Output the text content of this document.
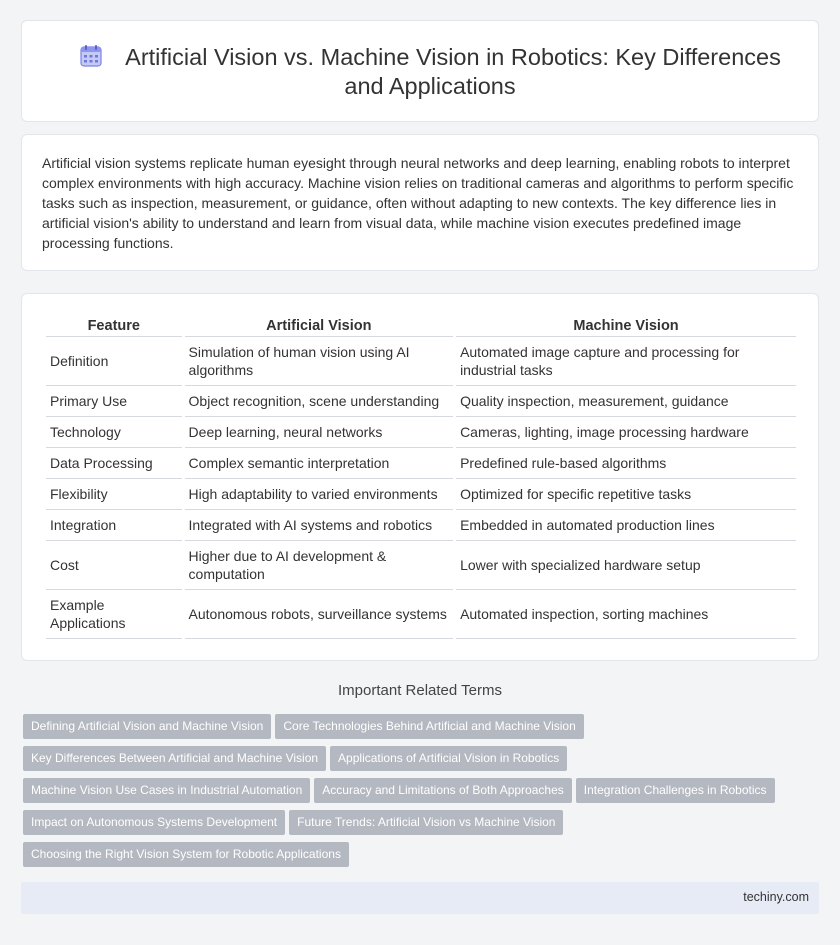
Artificial Vision vs. Machine Vision in Robotics: Key Differences and Applications

Artificial vision systems replicate human eyesight through neural networks and deep learning, enabling robots to interpret complex environments with high accuracy. Machine vision relies on traditional cameras and algorithms to perform specific tasks such as inspection, measurement, or guidance, often without adapting to new contexts. The key difference lies in artificial vision's ability to understand and learn from visual data, while machine vision executes predefined image processing functions.

Feature	Artificial Vision	Machine Vision
Definition	Simulation of human vision using AI algorithms	Automated image capture and processing for industrial tasks
Primary Use	Object recognition, scene understanding	Quality inspection, measurement, guidance
Technology	Deep learning, neural networks	Cameras, lighting, image processing hardware
Data Processing	Complex semantic interpretation	Predefined rule-based algorithms
Flexibility	High adaptability to varied environments	Optimized for specific repetitive tasks
Integration	Integrated with AI systems and robotics	Embedded in automated production lines
Cost	Higher due to AI development & computation	Lower with specialized hardware setup
Example Applications	Autonomous robots, surveillance systems	Automated inspection, sorting machines
Important Related Terms
Defining Artificial Vision and Machine Vision Core Technologies Behind Artificial and Machine Vision
Key Differences Between Artificial and Machine Vision Applications of Artificial Vision in Robotics
Machine Vision Use Cases in Industrial Automation Accuracy and Limitations of Both Approaches Integration Challenges in Robotics
Impact on Autonomous Systems Development Future Trends: Artificial Vision vs Machine Vision
Choosing the Right Vision System for Robotic Applications
techiny.com
